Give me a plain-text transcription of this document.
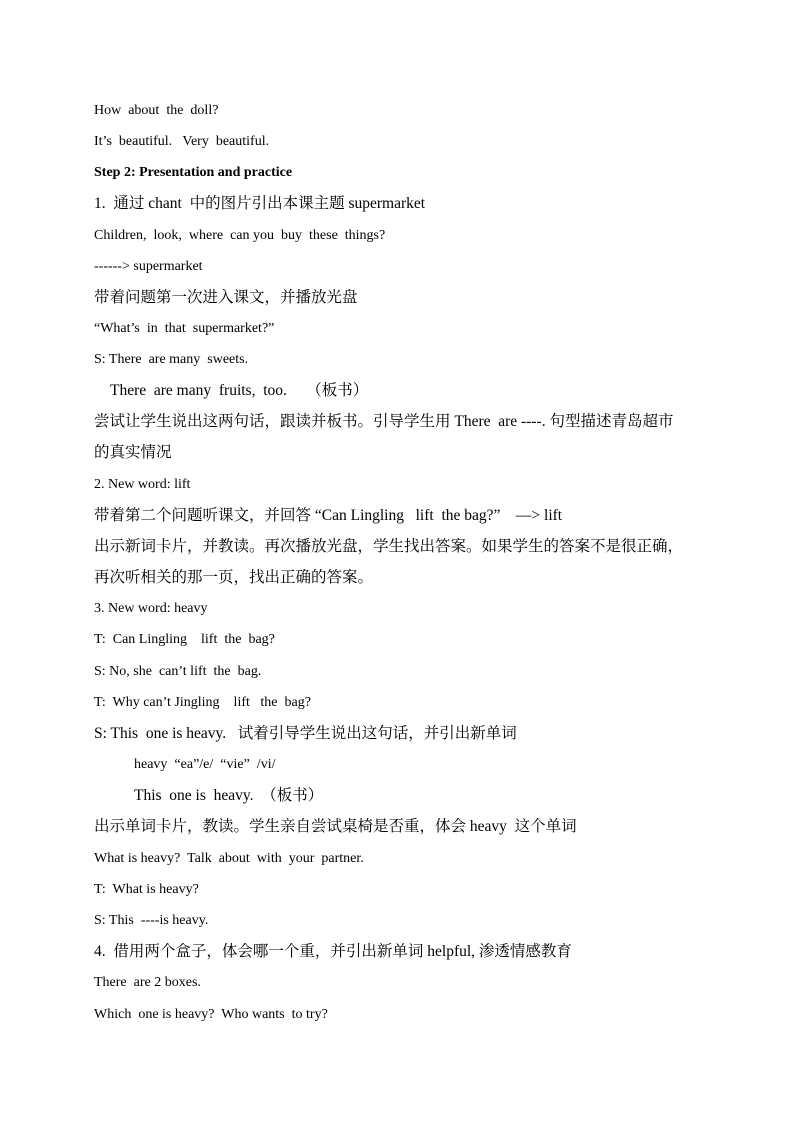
How  about  the  doll?
It’s  beautiful.   Very  beautiful.
Step 2: Presentation and practice
1.  通过 chant  中的图片引出本课主题 supermarket
Children,  look,  where  can you  buy  these  things?
------> supermarket
带着问题第一次进入课文，并播放光盘
“What’s  in  that  supermarket?”
S: There  are many  sweets.
There  are many  fruits,  too.     （板书）
尝试让学生说出这两句话，跟读并板书。引导学生用 There  are ----. 句型描述青岛超市
的真实情况
2. New word: lift
带着第二个问题听课文，并回答 “Can Lingling   lift  the bag?”    —> lift
出示新词卡片，并教读。再次播放光盘，学生找出答案。如果学生的答案不是很正确，
再次听相关的那一页，找出正确的答案。
3. New word: heavy
T:  Can Lingling    lift  the  bag?
S: No, she  can’t lift  the  bag.
T:  Why can’t Jingling    lift   the  bag?
S: This  one is heavy.   试着引导学生说出这句话，并引出新单词
heavy  “ea”/e/  “vie”  /vi/
This  one is  heavy.  （板书）
出示单词卡片，教读。学生亲自尝试桌椅是否重，体会 heavy  这个单词
What is heavy?  Talk  about  with  your  partner.
T:  What is heavy?
S: This  ----is heavy.
4.  借用两个盒子，体会哪一个重，并引出新单词 helpful, 渗透情感教育
There  are 2 boxes.
Which  one is heavy?  Who wants  to try?
